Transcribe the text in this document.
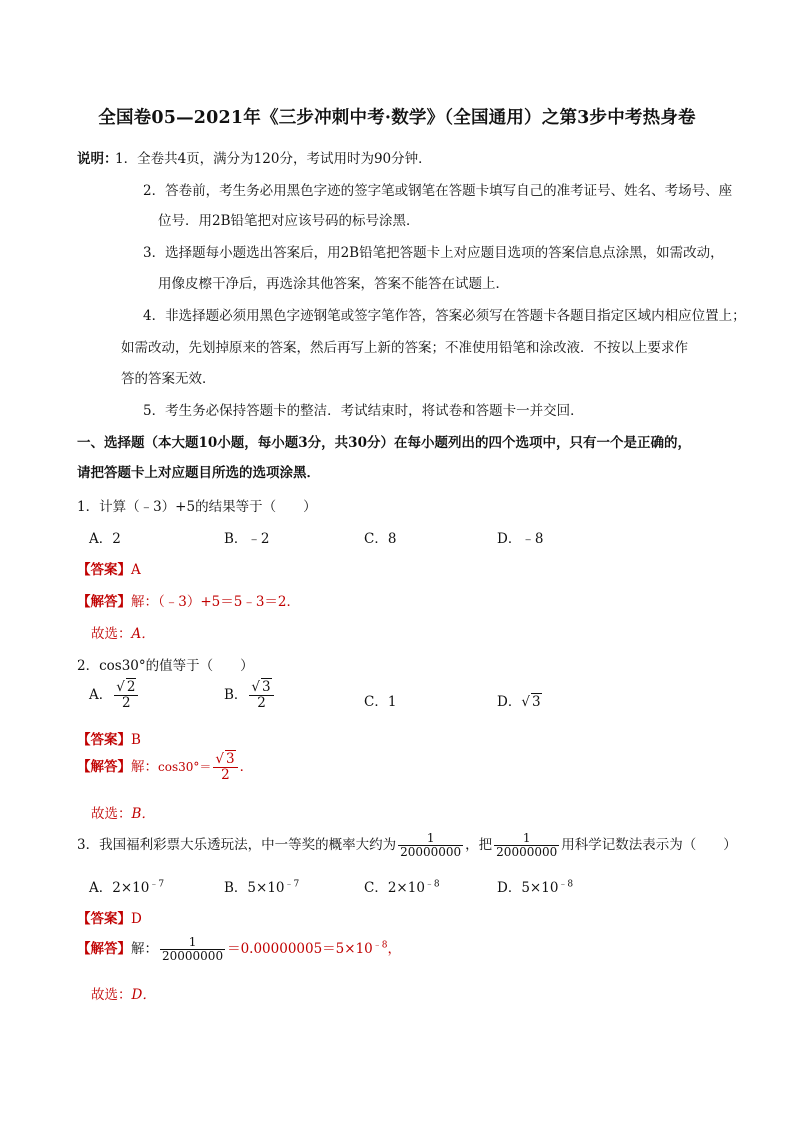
全国卷05—2021年《三步冲刺中考·数学》（全国通用）之第3步中考热身卷
说明：
1．全卷共4页，满分为120分，考试用时为90分钟．
2．答卷前，考生务必用黑色字迹的签字笔或钢笔在答题卡填写自己的准考证号、姓名、考场号、座
位号．用2B铅笔把对应该号码的标号涂黑．
3．选择题每小题选出答案后，用2B铅笔把答题卡上对应题目选项的答案信息点涂黑，如需改动，
用像皮檫干净后，再选涂其他答案，答案不能答在试题上．
4．非选择题必须用黑色字迹钢笔或签字笔作答，答案必须写在答题卡各题目指定区域内相应位置上；
如需改动，先划掉原来的答案，然后再写上新的答案；不准使用铅笔和涂改液．不按以上要求作
答的答案无效．
5．考生务必保持答题卡的整洁．考试结束时，将试卷和答题卡一并交回．
一、选择题（本大题10小题，每小题3分，共30分）在每小题列出的四个选项中，只有一个是正确的，
请把答题卡上对应题目所选的选项涂黑．
1．计算（﹣3）+5的结果等于（　　）
A．2	B．﹣2	C．8	D．﹣8
【答案】A
【解答】解：（﹣3）+5＝5﹣3＝2．
故选：A．
2．cos30°的值等于（　　）
A． $\frac{√ 2}{2}$	B． $\frac{√ 3}{2}$	C．1	D．√ 3
【答案】B
【解答】解：$\cos 30^\circ= \frac{√ 3}{2}$ ．
故选：B．
3．我国福利彩票大乐透玩法，中一等奖的概率大约为 $\frac{1}{20000000}$ ，把 $\frac{1}{20000000}$ 用科学记数法表示为（　　）
A．$2\times 10^{﹣7}$	B．$5\times 10^{﹣7}$	C．$2\times 10^{﹣8}$	D．$5\times 10^{﹣8}$
【答案】D
【解答】解： $\frac{1}{20000000} =0.00000005=5\times 10^{﹣8}$，
故选：D．
